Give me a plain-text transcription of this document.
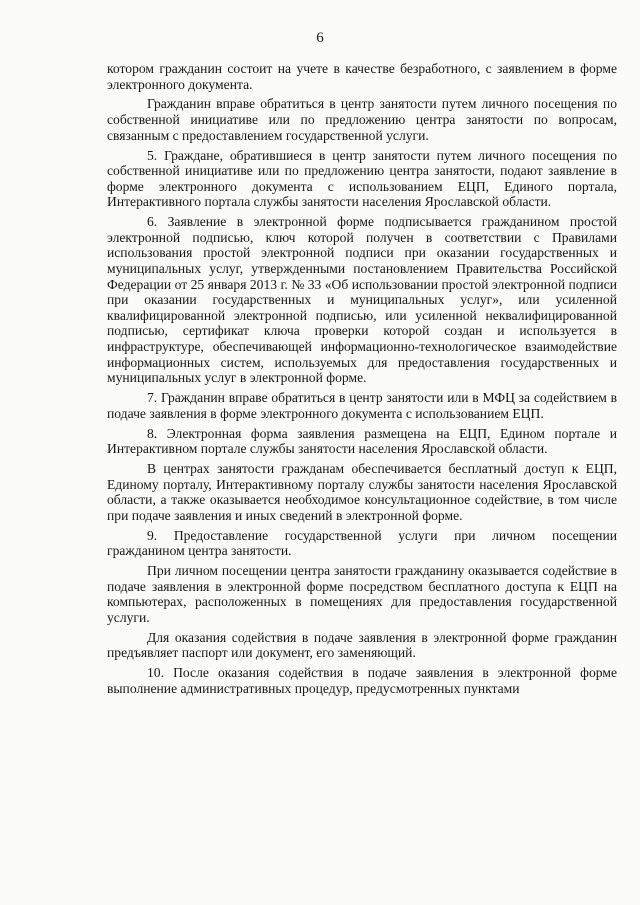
6

котором гражданин состоит на учете в качестве безработного, с заявлением в форме электронного документа.

Гражданин вправе обратиться в центр занятости путем личного посещения по собственной инициативе или по предложению центра занятости по вопросам, связанным с предоставлением государственной услуги.

5. Граждане, обратившиеся в центр занятости путем личного посещения по собственной инициативе или по предложению центра занятости, подают заявление в форме электронного документа с использованием ЕЦП, Единого портала, Интерактивного портала службы занятости населения Ярославской области.

6. Заявление в электронной форме подписывается гражданином простой электронной подписью, ключ которой получен в соответствии с Правилами использования простой электронной подписи при оказании государственных и муниципальных услуг, утвержденными постановлением Правительства Российской Федерации от 25 января 2013 г. № 33 «Об использовании простой электронной подписи при оказании государственных и муниципальных услуг», или усиленной квалифицированной электронной подписью, или усиленной неквалифицированной подписью, сертификат ключа проверки которой создан и используется в инфраструктуре, обеспечивающей информационно-технологическое взаимодействие информационных систем, используемых для предоставления государственных и муниципальных услуг в электронной форме.

7. Гражданин вправе обратиться в центр занятости или в МФЦ за содействием в подаче заявления в форме электронного документа с использованием ЕЦП.

8. Электронная форма заявления размещена на ЕЦП, Едином портале и Интерактивном портале службы занятости населения Ярославской области.

В центрах занятости гражданам обеспечивается бесплатный доступ к ЕЦП, Единому порталу, Интерактивному порталу службы занятости населения Ярославской области, а также оказывается необходимое консультационное содействие, в том числе при подаче заявления и иных сведений в электронной форме.

9. Предоставление государственной услуги при личном посещении гражданином центра занятости.

При личном посещении центра занятости гражданину оказывается содействие в подаче заявления в электронной форме посредством бесплатного доступа к ЕЦП на компьютерах, расположенных в помещениях для предоставления государственной услуги.

Для оказания содействия в подаче заявления в электронной форме гражданин предъявляет паспорт или документ, его заменяющий.

10. После оказания содействия в подаче заявления в электронной форме выполнение административных процедур, предусмотренных пунктами
